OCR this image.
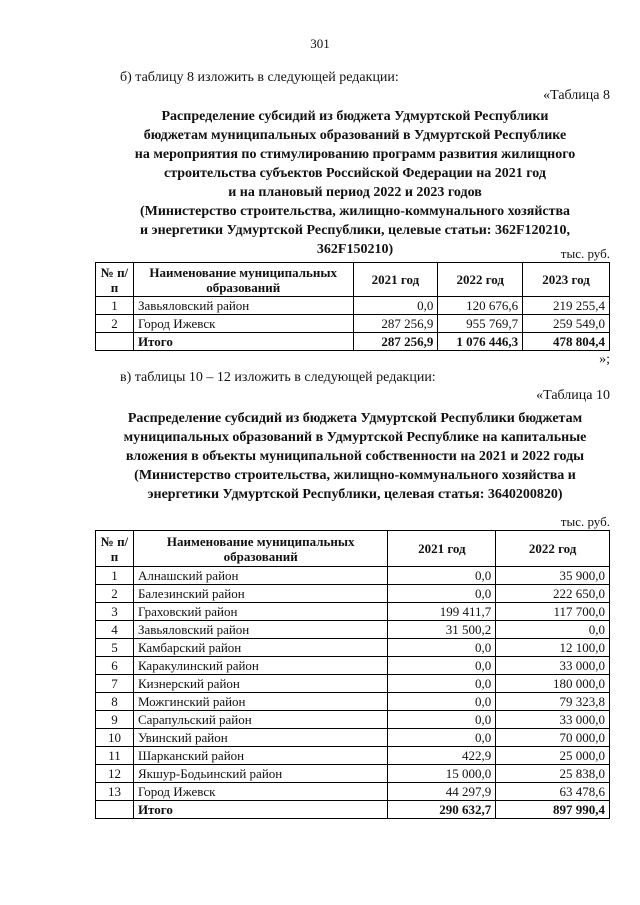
301
б) таблицу 8 изложить в следующей редакции:
«Таблица 8
Распределение субсидий из бюджета Удмуртской Республики
бюджетам муниципальных образований в Удмуртской Республике
на мероприятия по стимулированию программ развития жилищного
строительства субъектов Российской Федерации на 2021 год
и на плановый период 2022 и 2023 годов
(Министерство строительства, жилищно-коммунального хозяйства
и энергетики Удмуртской Республики, целевые статьи: 362F120210,
362F150210)	тыс. руб.
№ п/п	Наименование муниципальных образований	2021 год	2022 год	2023 год
1	Завьяловский район	0,0	120 676,6	219 255,4
2	Город Ижевск	287 256,9	955 769,7	259 549,0
	Итого	287 256,9	1 076 446,3	478 804,4
»;
в) таблицы 10 – 12 изложить в следующей редакции:
«Таблица 10
Распределение субсидий из бюджета Удмуртской Республики бюджетам
муниципальных образований в Удмуртской Республике на капитальные
вложения в объекты муниципальной собственности на 2021 и 2022 годы
(Министерство строительства, жилищно-коммунального хозяйства и
энергетики Удмуртской Республики, целевая статья: 3640200820)
тыс. руб.
№ п/п	Наименование муниципальных образований	2021 год	2022 год
1	Алнашский район	0,0	35 900,0
2	Балезинский район	0,0	222 650,0
3	Граховский район	199 411,7	117 700,0
4	Завьяловский район	31 500,2	0,0
5	Камбарский район	0,0	12 100,0
6	Каракулинский район	0,0	33 000,0
7	Кизнерский район	0,0	180 000,0
8	Можгинский район	0,0	79 323,8
9	Сарапульский район	0,0	33 000,0
10	Увинский район	0,0	70 000,0
11	Шарканский район	422,9	25 000,0
12	Якшур-Бодьинский район	15 000,0	25 838,0
13	Город Ижевск	44 297,9	63 478,6
	Итого	290 632,7	897 990,4
